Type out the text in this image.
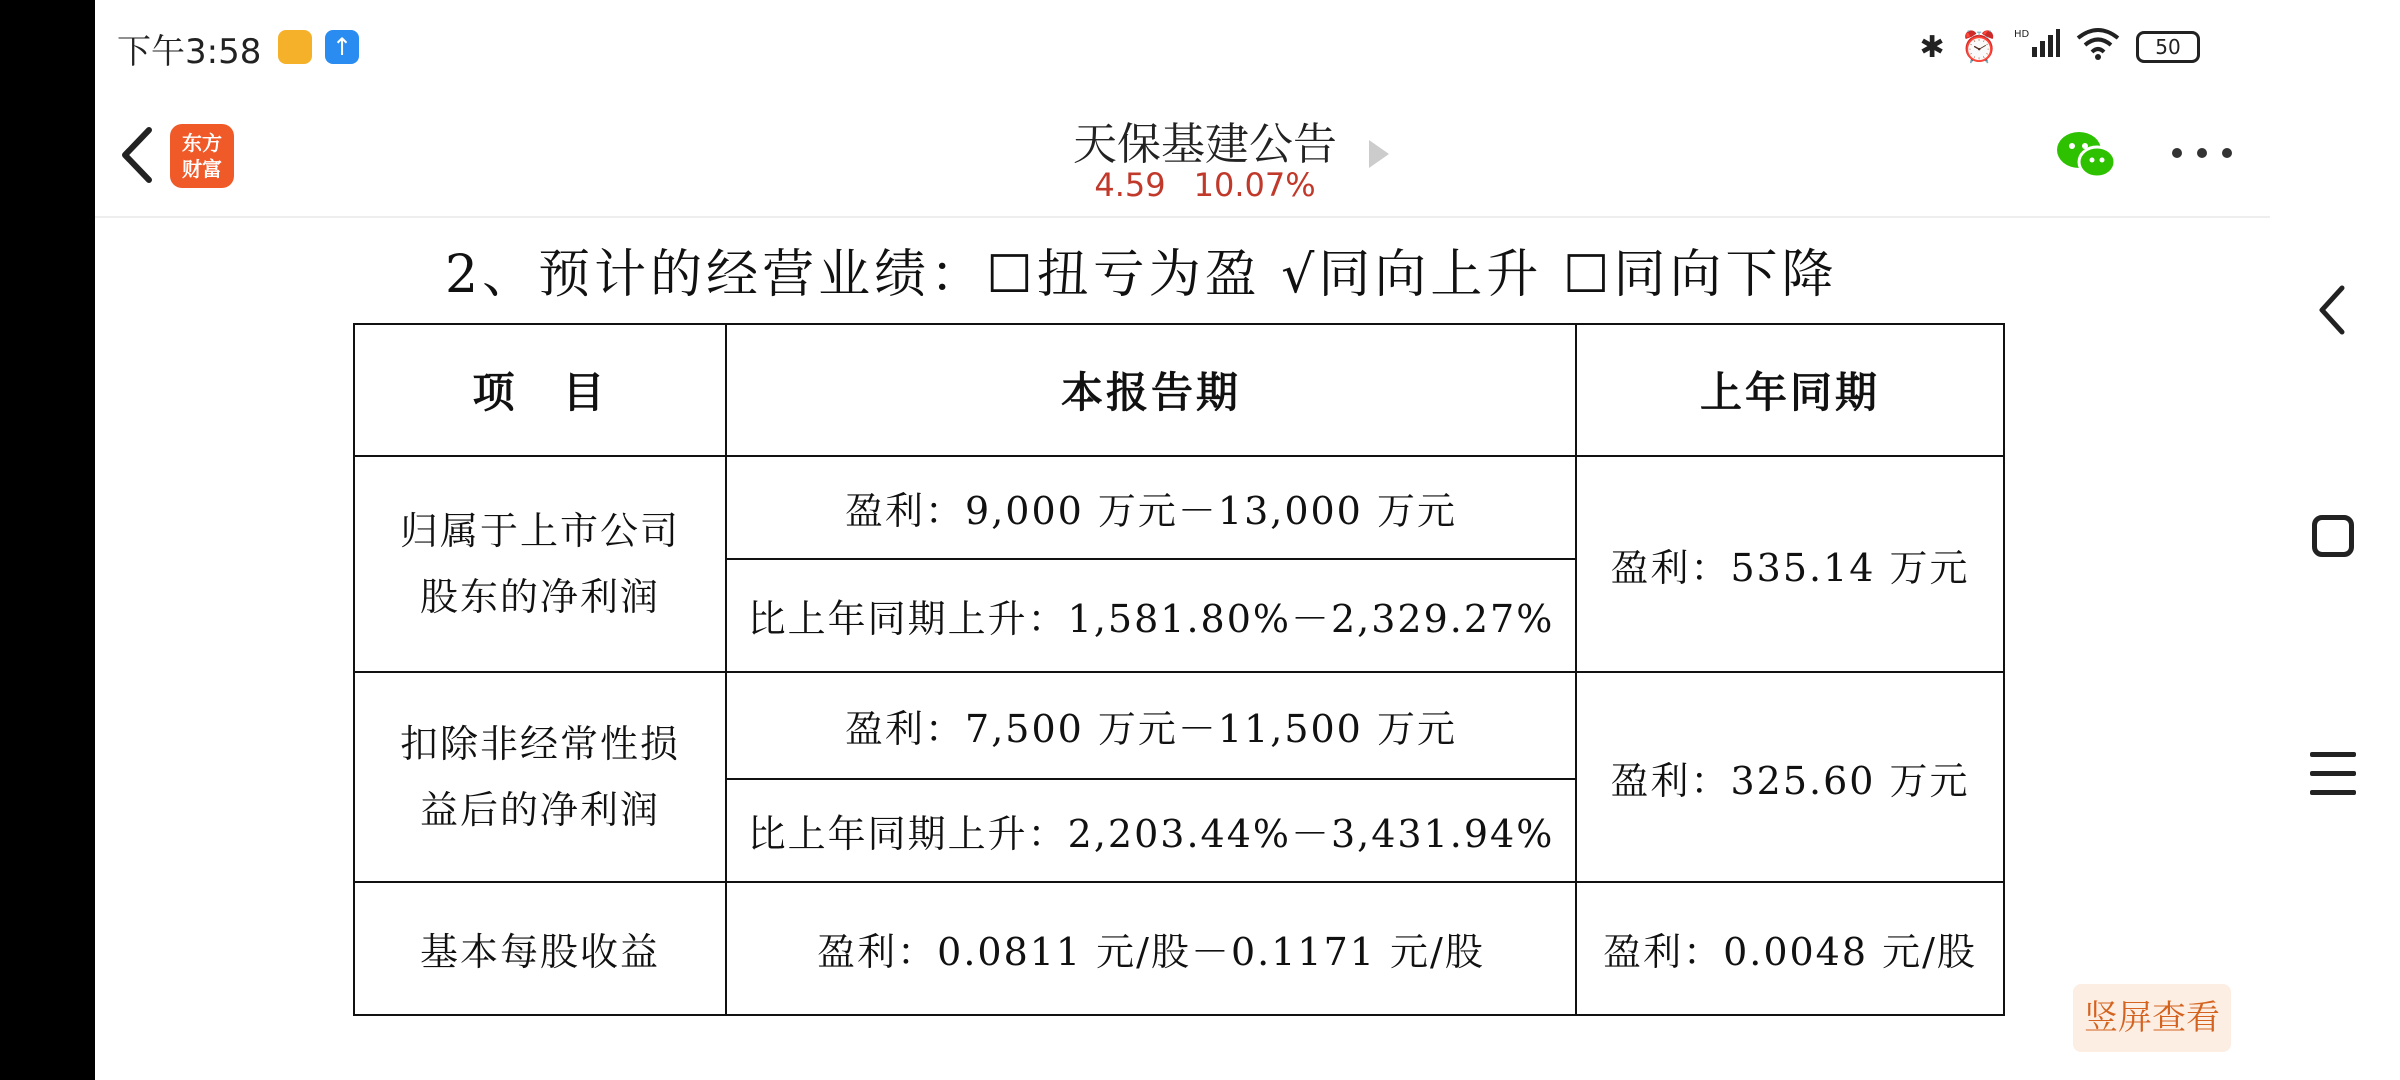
下午3:58	↑	✱ ⏰ HD
50
东方
财富	天保基建公告
4.59 10.07%
2、预计的经营业绩：☐扭亏为盈 √同向上升 ☐同向下降
项　目	本报告期	上年同期

归属于上市公司
股东的净利润	盈利：9,000 万元－13,000 万元	盈利：535.14 万元
	比上年同期上升：1,581.80%－2,329.27%	

扣除非经常性损
益后的净利润	盈利：7,500 万元－11,500 万元	盈利：325.60 万元
	比上年同期上升：2,203.44%－3,431.94%	
基本每股收益	盈利：0.0811 元/股－0.1171 元/股	盈利：0.0048 元/股
竖屏查看
